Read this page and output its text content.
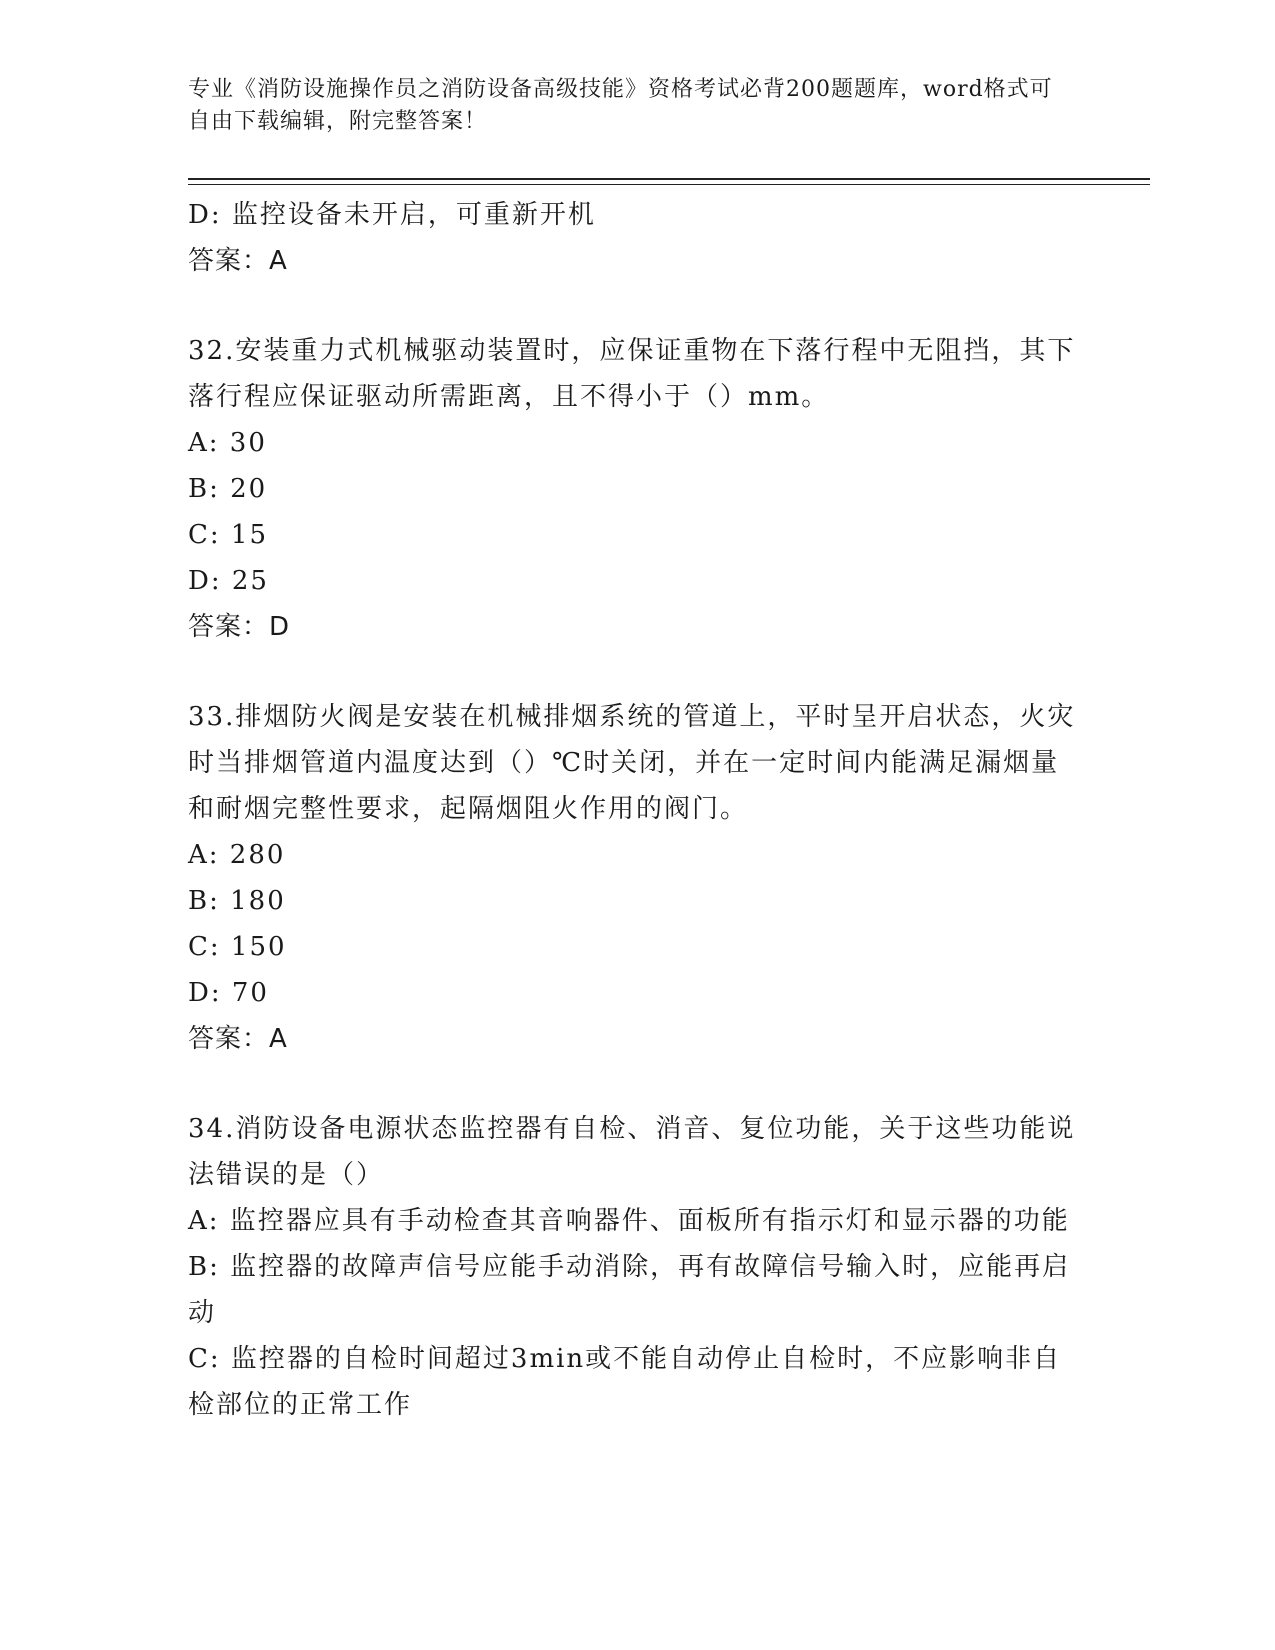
专业《消防设施操作员之消防设备高级技能》资格考试必背200题题库，word格式可自由下载编辑，附完整答案！
D: 监控设备未开启，可重新开机
答案：A
32.安装重力式机械驱动装置时，应保证重物在下落行程中无阻挡，其下落行程应保证驱动所需距离，且不得小于（）mm。
A: 30
B: 20
C: 15
D: 25
答案：D
33.排烟防火阀是安装在机械排烟系统的管道上，平时呈开启状态，火灾时当排烟管道内温度达到（）℃时关闭，并在一定时间内能满足漏烟量和耐烟完整性要求，起隔烟阻火作用的阀门。
A: 280
B: 180
C: 150
D: 70
答案：A
34.消防设备电源状态监控器有自检、消音、复位功能，关于这些功能说法错误的是（）
A: 监控器应具有手动检查其音响器件、面板所有指示灯和显示器的功能
B: 监控器的故障声信号应能手动消除，再有故障信号输入时，应能再启动
C: 监控器的自检时间超过3min或不能自动停止自检时，不应影响非自检部位的正常工作
